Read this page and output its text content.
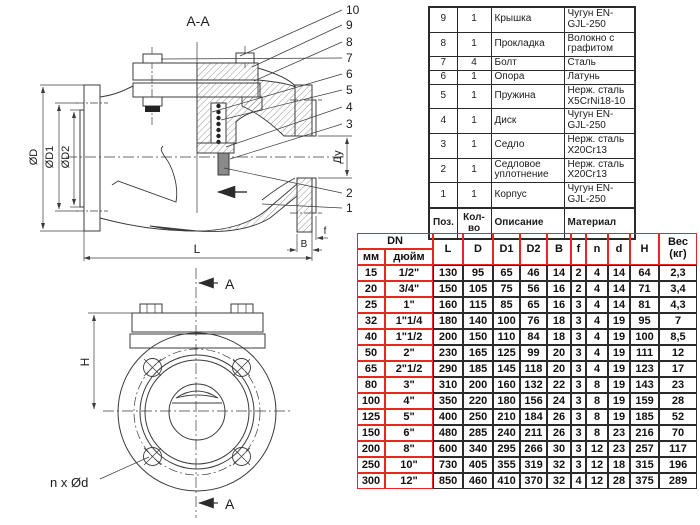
A-A
10
9
8
7
6
5
4
3
2
1
ØD ØD1 ØD2	Ду
L	B
f
A
A
H
n x Ød
9	1	Крышка	Чугун EN-GJL-250
8	1	Прокладка	Волокно с графитом
7	4	Болт	Сталь
6	1	Опора	Латунь
5	1	Пружина	Нерж. сталь X5CrNi18-10
4	1	Диск	Чугун EN-GJL-250
3	1	Седло	Нерж. сталь X20Cr13
2	1	Седловое уплотнение	Нерж. сталь X20Cr13
1	1	Корпус	Чугун EN-GJL-250
Поз.	Кол-во	Описание	Материал
DN		L	D	D1	D2	B	f	n	d	H	Вес
(кг)

мм	дюйм										
15	1/2"	130	95	65	46	14	2	4	14	64	2,3
20	3/4"	150	105	75	56	16	2	4	14	71	3,4
25	1"	160	115	85	65	16	3	4	14	81	4,3
32	1"1/4	180	140	100	76	18	3	4	19	95	7
40	1"1/2	200	150	110	84	18	3	4	19	100	8,5
50	2"	230	165	125	99	20	3	4	19	111	12
65	2"1/2	290	185	145	118	20	3	4	19	123	17
80	3"	310	200	160	132	22	3	8	19	143	23
100	4"	350	220	180	156	24	3	8	19	159	28
125	5"	400	250	210	184	26	3	8	19	185	52
150	6"	480	285	240	211	26	3	8	23	216	70
200	8"	600	340	295	266	30	3	12	23	257	117
250	10"	730	405	355	319	32	3	12	18	315	196
300	12"	850	460	410	370	32	4	12	28	375	289
